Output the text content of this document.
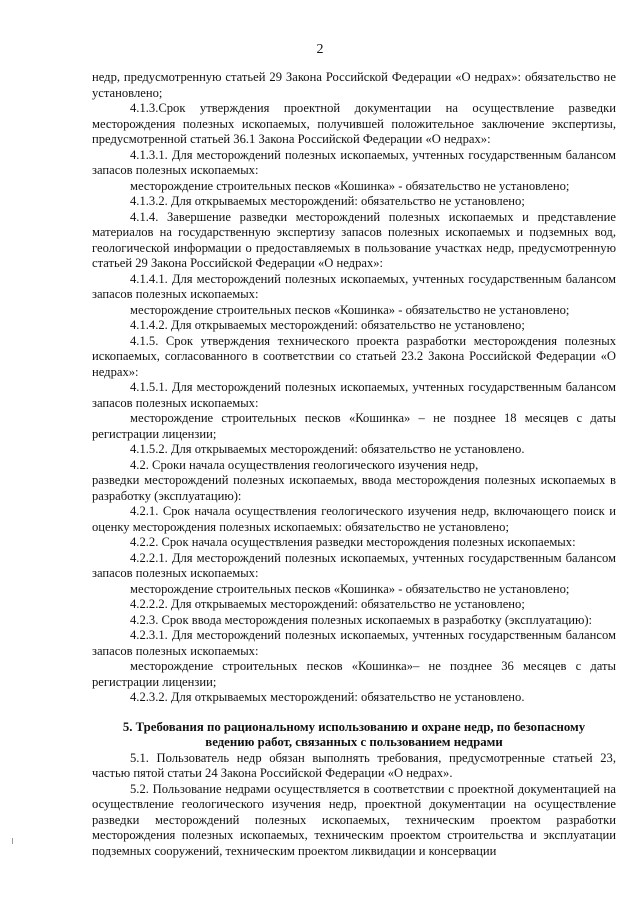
2

недр, предусмотренную статьей 29 Закона Российской Федерации «О недрах»: обязательство не установлено;

4.1.3.Срок утверждения проектной документации на осуществление разведки месторождения полезных ископаемых, получившей положительное заключение экспертизы, предусмотренной статьей 36.1 Закона Российской Федерации «О недрах»:

4.1.3.1. Для месторождений полезных ископаемых, учтенных государственным балансом запасов полезных ископаемых:

месторождение строительных песков «Кошинка» - обязательство не установлено;

4.1.3.2. Для открываемых месторождений: обязательство не установлено;

4.1.4. Завершение разведки месторождений полезных ископаемых и представление материалов на государственную экспертизу запасов полезных ископаемых и подземных вод, геологической информации о предоставляемых в пользование участках недр, предусмотренную статьей 29 Закона Российской Федерации «О недрах»:

4.1.4.1. Для месторождений полезных ископаемых, учтенных государственным балансом запасов полезных ископаемых:

месторождение строительных песков «Кошинка» - обязательство не установлено;

4.1.4.2. Для открываемых месторождений: обязательство не установлено;

4.1.5. Срок утверждения технического проекта разработки месторождения полезных ископаемых, согласованного в соответствии со статьей 23.2 Закона Российской Федерации «О недрах»:

4.1.5.1. Для месторождений полезных ископаемых, учтенных государственным балансом запасов полезных ископаемых:

месторождение строительных песков «Кошинка» – не позднее 18 месяцев с даты регистрации лицензии;

4.1.5.2. Для открываемых месторождений: обязательство не установлено.

4.2. Сроки начала осуществления геологического изучения недр,

разведки месторождений полезных ископаемых, ввода месторождения полезных ископаемых в разработку (эксплуатацию):

4.2.1. Срок начала осуществления геологического изучения недр, включающего поиск и оценку месторождения полезных ископаемых: обязательство не установлено;

4.2.2. Срок начала осуществления разведки месторождения полезных ископаемых:

4.2.2.1. Для месторождений полезных ископаемых, учтенных государственным балансом запасов полезных ископаемых:

месторождение строительных песков «Кошинка» - обязательство не установлено;

4.2.2.2. Для открываемых месторождений: обязательство не установлено;

4.2.3. Срок ввода месторождения полезных ископаемых в разработку (эксплуатацию):

4.2.3.1. Для месторождений полезных ископаемых, учтенных государственным балансом запасов полезных ископаемых:

месторождение строительных песков «Кошинка»– не позднее 36 месяцев с даты регистрации лицензии;

4.2.3.2. Для открываемых месторождений: обязательство не установлено.

5. Требования по рациональному использованию и охране недр, по безопасному ведению работ, связанных с пользованием недрами

5.1. Пользователь недр обязан выполнять требования, предусмотренные статьей 23, частью пятой статьи 24 Закона Российской Федерации «О недрах».

5.2. Пользование недрами осуществляется в соответствии с проектной документацией на осуществление геологического изучения недр, проектной документации на осуществление разведки месторождений полезных ископаемых, техническим проектом разработки месторождения полезных ископаемых, техническим проектом строительства и эксплуатации подземных сооружений, техническим проектом ликвидации и консервации
